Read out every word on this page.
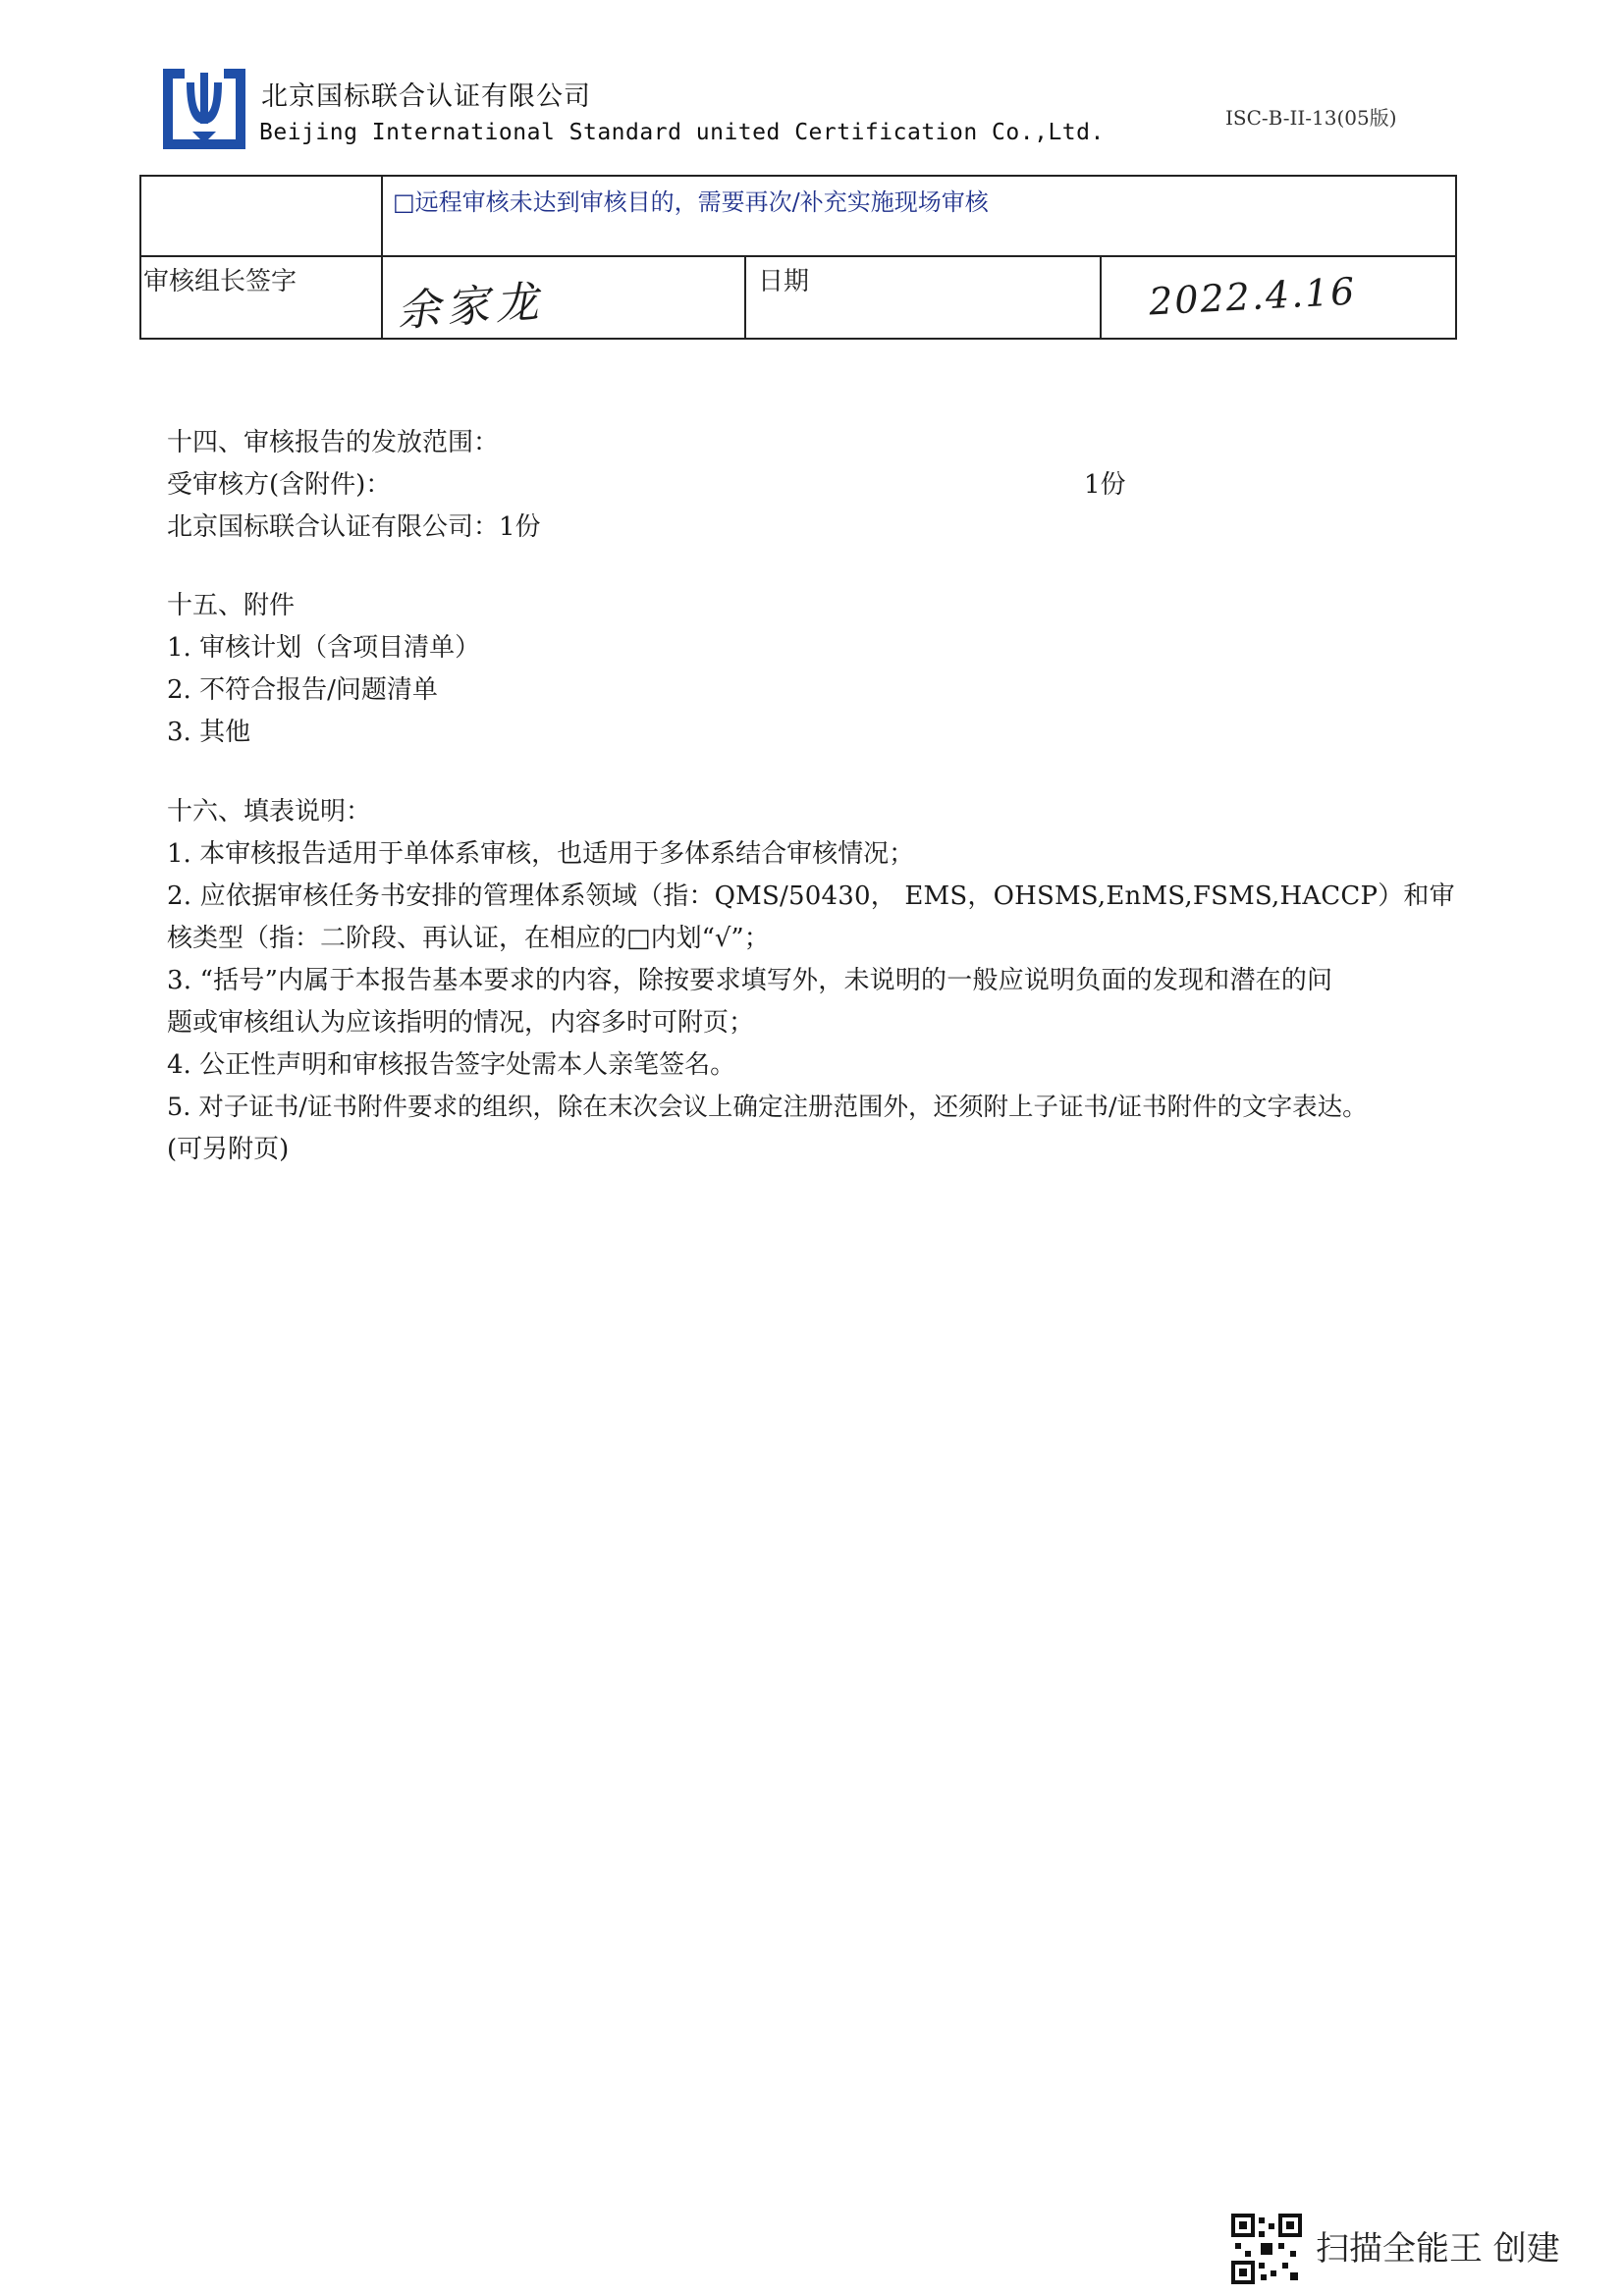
北京国标联合认证有限公司
Beijing International Standard united Certification Co.,Ltd.
ISC-B-II-13(05版)
□远程审核未达到审核目的，需要再次/补充实施现场审核
审核组长签字 余家龙	日期	2022.4.16
十四、审核报告的发放范围：
受审核方(含附件)：	1份
北京国标联合认证有限公司：1份
十五、附件
1. 审核计划（含项目清单）
2. 不符合报告/问题清单
3. 其他
十六、填表说明：
1. 本审核报告适用于单体系审核，也适用于多体系结合审核情况；
2. 应依据审核任务书安排的管理体系领域（指：QMS/50430， EMS，OHSMS,EnMS,FSMS,HACCP）和审
核类型（指：二阶段、再认证，在相应的□内划“√”；
3. “括号”内属于本报告基本要求的内容，除按要求填写外，未说明的一般应说明负面的发现和潜在的问
题或审核组认为应该指明的情况，内容多时可附页；
4. 公正性声明和审核报告签字处需本人亲笔签名。
5. 对子证书/证书附件要求的组织，除在末次会议上确定注册范围外，还须附上子证书/证书附件的文字表达。
(可另附页)
扫描全能王 创建
